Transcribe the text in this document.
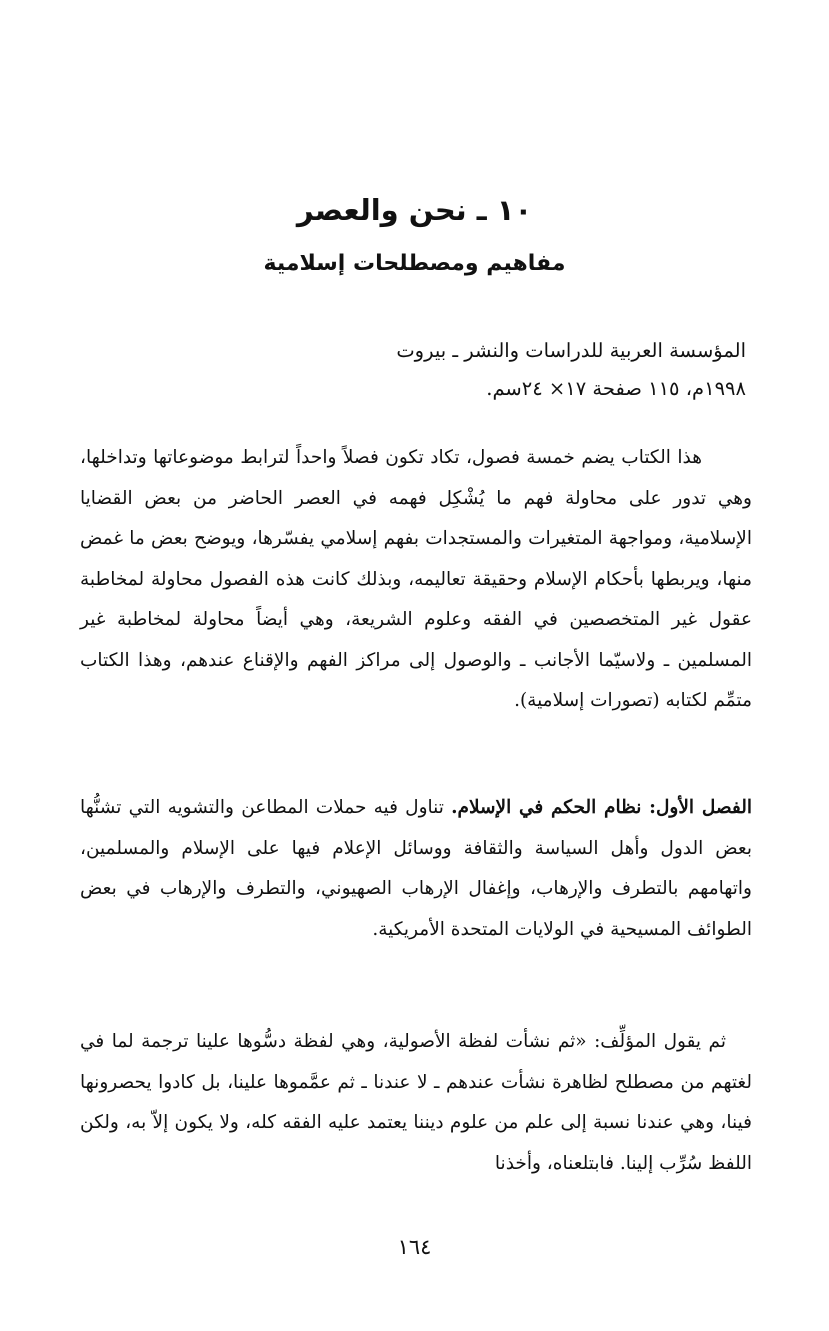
١٠ ـ نحن والعصر
مفاهيم ومصطلحات إسلامية
المؤسسة العربية للدراسات والنشر ـ بيروت
١٩٩٨م، ١١٥ صفحة ١٧× ٢٤سم.

هذا الكتاب يضم خمسة فصول، تكاد تكون فصلاً واحداً لترابط موضوعاتها وتداخلها، وهي تدور على محاولة فهم ما يُشْكِل فهمه في العصر الحاضر من بعض القضايا الإسلامية، ومواجهة المتغيرات والمستجدات بفهم إسلامي يفسّرها، ويوضح بعض ما غمض منها، ويربطها بأحكام الإسلام وحقيقة تعاليمه، وبذلك كانت هذه الفصول محاولة لمخاطبة عقول غير المتخصصين في الفقه وعلوم الشريعة، وهي أيضاً محاولة لمخاطبة غير المسلمين ـ ولاسيّما الأجانب ـ والوصول إلى مراكز الفهم والإقناع عندهم، وهذا الكتاب متمِّم لكتابه (تصورات إسلامية).

الفصل الأول: نظام الحكم في الإسلام. تناول فيه حملات المطاعن والتشويه التي تشنُّها بعض الدول وأهل السياسة والثقافة ووسائل الإعلام فيها على الإسلام والمسلمين، واتهامهم بالتطرف والإرهاب، وإغفال الإرهاب الصهيوني، والتطرف والإرهاب في بعض الطوائف المسيحية في الولايات المتحدة الأمريكية.

ثم يقول المؤلِّف: «ثم نشأت لفظة الأصولية، وهي لفظة دسُّوها علينا ترجمة لما في لغتهم من مصطلح لظاهرة نشأت عندهم ـ لا عندنا ـ ثم عمَّموها علينا، بل كادوا يحصرونها فينا، وهي عندنا نسبة إلى علم من علوم ديننا يعتمد عليه الفقه كله، ولا يكون إلاّ به، ولكن اللفظ سُرِّب إلينا. فابتلعناه، وأخذنا

١٦٤
